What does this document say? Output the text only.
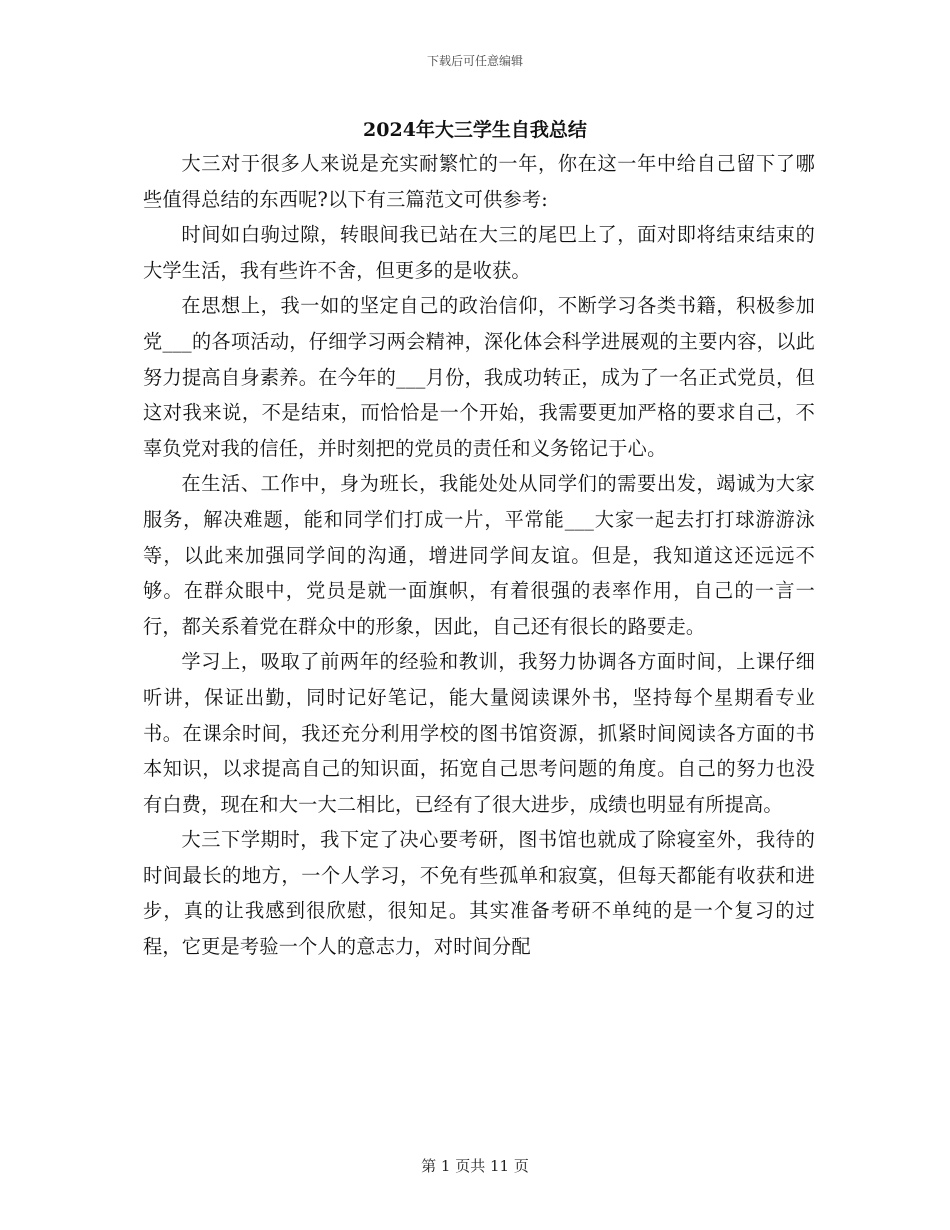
下载后可任意编辑
2024年大三学生自我总结

大三对于很多人来说是充实耐繁忙的一年，你在这一年中给自己留下了哪些值得总结的东西呢?以下有三篇范文可供参考:

时间如白驹过隙，转眼间我已站在大三的尾巴上了，面对即将结束结束的大学生活，我有些许不舍，但更多的是收获。

在思想上，我一如的坚定自己的政治信仰，不断学习各类书籍，积极参加党___的各项活动，仔细学习两会精神，深化体会科学进展观的主要内容，以此努力提高自身素养。在今年的___月份，我成功转正，成为了一名正式党员，但这对我来说，不是结束，而恰恰是一个开始，我需要更加严格的要求自己，不辜负党对我的信任，并时刻把的党员的责任和义务铭记于心。

在生活、工作中，身为班长，我能处处从同学们的需要出发，竭诚为大家服务，解决难题，能和同学们打成一片，平常能___大家一起去打打球游游泳等，以此来加强同学间的沟通，增进同学间友谊。但是，我知道这还远远不够。在群众眼中，党员是就一面旗帜，有着很强的表率作用，自己的一言一行，都关系着党在群众中的形象，因此，自己还有很长的路要走。

学习上，吸取了前两年的经验和教训，我努力协调各方面时间，上课仔细听讲，保证出勤，同时记好笔记，能大量阅读课外书，坚持每个星期看专业书。在课余时间，我还充分利用学校的图书馆资源，抓紧时间阅读各方面的书本知识，以求提高自己的知识面，拓宽自己思考问题的角度。自己的努力也没有白费，现在和大一大二相比，已经有了很大进步，成绩也明显有所提高。

大三下学期时，我下定了决心要考研，图书馆也就成了除寝室外，我待的时间最长的地方，一个人学习，不免有些孤单和寂寞，但每天都能有收获和进步，真的让我感到很欣慰，很知足。其实准备考研不单纯的是一个复习的过程，它更是考验一个人的意志力，对时间分配

第 1 页共 11 页
